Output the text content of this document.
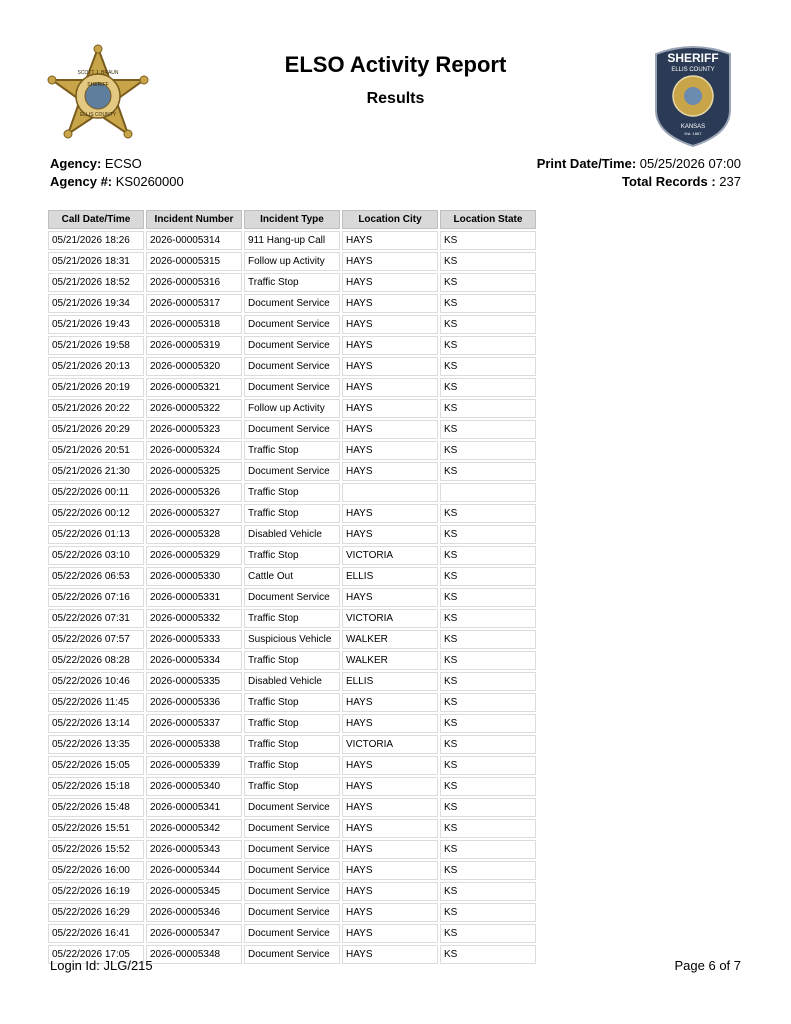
SCOTT J. BRAUN
SHERIFF
ELLIS COUNTY
ELSO Activity Report
Results
SHERIFF
ELLIS COUNTY
KANSAS
Est. 1867
Agency: ECSO
Agency #: KS0260000
Print Date/Time: 05/25/2026 07:00
Total Records : 237
Call Date/Time	Incident Number	Incident Type	Location City	Location State
05/21/2026 18:26	2026-00005314	911 Hang-up Call	HAYS	KS
05/21/2026 18:31	2026-00005315	Follow up Activity	HAYS	KS
05/21/2026 18:52	2026-00005316	Traffic Stop	HAYS	KS
05/21/2026 19:34	2026-00005317	Document Service	HAYS	KS
05/21/2026 19:43	2026-00005318	Document Service	HAYS	KS
05/21/2026 19:58	2026-00005319	Document Service	HAYS	KS
05/21/2026 20:13	2026-00005320	Document Service	HAYS	KS
05/21/2026 20:19	2026-00005321	Document Service	HAYS	KS
05/21/2026 20:22	2026-00005322	Follow up Activity	HAYS	KS
05/21/2026 20:29	2026-00005323	Document Service	HAYS	KS
05/21/2026 20:51	2026-00005324	Traffic Stop	HAYS	KS
05/21/2026 21:30	2026-00005325	Document Service	HAYS	KS
05/22/2026 00:11	2026-00005326	Traffic Stop		
05/22/2026 00:12	2026-00005327	Traffic Stop	HAYS	KS
05/22/2026 01:13	2026-00005328	Disabled Vehicle	HAYS	KS
05/22/2026 03:10	2026-00005329	Traffic Stop	VICTORIA	KS
05/22/2026 06:53	2026-00005330	Cattle Out	ELLIS	KS
05/22/2026 07:16	2026-00005331	Document Service	HAYS	KS
05/22/2026 07:31	2026-00005332	Traffic Stop	VICTORIA	KS
05/22/2026 07:57	2026-00005333	Suspicious Vehicle	WALKER	KS
05/22/2026 08:28	2026-00005334	Traffic Stop	WALKER	KS
05/22/2026 10:46	2026-00005335	Disabled Vehicle	ELLIS	KS
05/22/2026 11:45	2026-00005336	Traffic Stop	HAYS	KS
05/22/2026 13:14	2026-00005337	Traffic Stop	HAYS	KS
05/22/2026 13:35	2026-00005338	Traffic Stop	VICTORIA	KS
05/22/2026 15:05	2026-00005339	Traffic Stop	HAYS	KS
05/22/2026 15:18	2026-00005340	Traffic Stop	HAYS	KS
05/22/2026 15:48	2026-00005341	Document Service	HAYS	KS
05/22/2026 15:51	2026-00005342	Document Service	HAYS	KS
05/22/2026 15:52	2026-00005343	Document Service	HAYS	KS
05/22/2026 16:00	2026-00005344	Document Service	HAYS	KS
05/22/2026 16:19	2026-00005345	Document Service	HAYS	KS
05/22/2026 16:29	2026-00005346	Document Service	HAYS	KS
05/22/2026 16:41	2026-00005347	Document Service	HAYS	KS
05/22/2026 17:05	2026-00005348	Document Service	HAYS	KS
Login Id: JLG/215	Page 6 of 7
